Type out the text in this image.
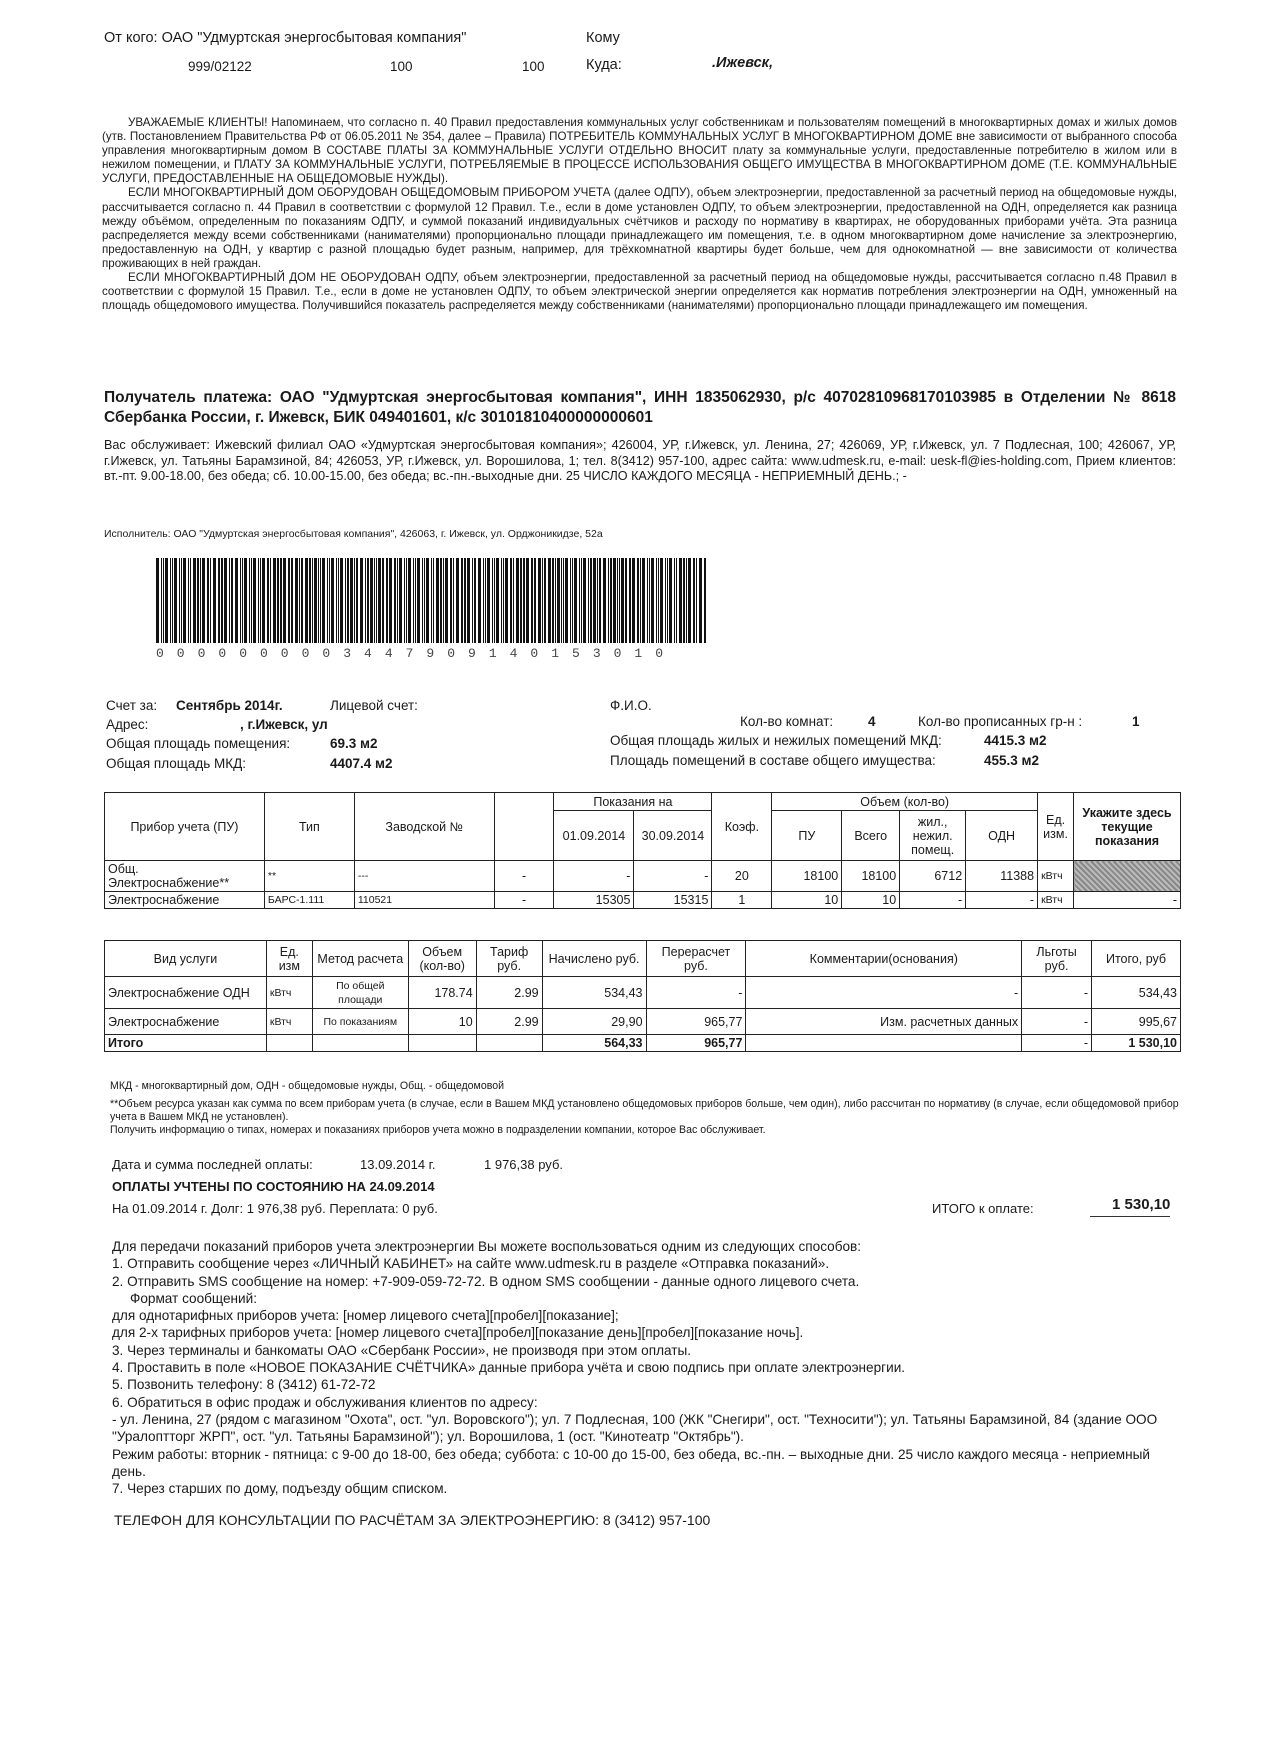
От кого: ОАО "Удмуртская энергосбытовая компания"
999/02122	100	100
Кому
Куда:	.Ижевск,

УВАЖАЕМЫЕ КЛИЕНТЫ! Напоминаем, что согласно п. 40 Правил предоставления коммунальных услуг собственникам и пользователям помещений в многоквартирных домах и жилых домов (утв. Постановлением Правительства РФ от 06.05.2011 № 354, далее – Правила) ПОТРЕБИТЕЛЬ КОММУНАЛЬНЫХ УСЛУГ В МНОГОКВАРТИРНОМ ДОМЕ вне зависимости от выбранного способа управления многоквартирным домом В СОСТАВЕ ПЛАТЫ ЗА КОММУНАЛЬНЫЕ УСЛУГИ ОТДЕЛЬНО ВНОСИТ плату за коммунальные услуги, предоставленные потребителю в жилом или в нежилом помещении, и ПЛАТУ ЗА КОММУНАЛЬНЫЕ УСЛУГИ, ПОТРЕБЛЯЕМЫЕ В ПРОЦЕССЕ ИСПОЛЬЗОВАНИЯ ОБЩЕГО ИМУЩЕСТВА В МНОГОКВАРТИРНОМ ДОМЕ (Т.Е. КОММУНАЛЬНЫЕ УСЛУГИ, ПРЕДОСТАВЛЕННЫЕ НА ОБЩЕДОМОВЫЕ НУЖДЫ).

ЕСЛИ МНОГОКВАРТИРНЫЙ ДОМ ОБОРУДОВАН ОБЩЕДОМОВЫМ ПРИБОРОМ УЧЕТА (далее ОДПУ), объем электроэнергии, предоставленной за расчетный период на общедомовые нужды, рассчитывается согласно п. 44 Правил в соответствии с формулой 12 Правил. Т.е., если в доме установлен ОДПУ, то объем электроэнергии, предоставленной на ОДН, определяется как разница между объёмом, определенным по показаниям ОДПУ, и суммой показаний индивидуальных счётчиков и расходу по нормативу в квартирах, не оборудованных приборами учёта. Эта разница распределяется между всеми собственниками (нанимателями) пропорционально площади принадлежащего им помещения, т.е. в одном многоквартирном доме начисление за электроэнергию, предоставленную на ОДН, у квартир с разной площадью будет разным, например, для трёхкомнатной квартиры будет больше, чем для однокомнатной — вне зависимости от количества проживающих в ней граждан.

ЕСЛИ МНОГОКВАРТИРНЫЙ ДОМ НЕ ОБОРУДОВАН ОДПУ, объем электроэнергии, предоставленной за расчетный период на общедомовые нужды, рассчитывается согласно п.48 Правил в соответствии с формулой 15 Правил. Т.е., если в доме не установлен ОДПУ, то объем электрической энергии определяется как норматив потребления электроэнергии на ОДН, умноженный на площадь общедомового имущества. Получившийся показатель распределяется между собственниками (нанимателями) пропорционально площади принадлежащего им помещения.

Получатель платежа: ОАО "Удмуртская энергосбытовая компания", ИНН 1835062930, р/с 40702810968170103985 в Отделении № 8618 Сбербанка России, г. Ижевск, БИК 049401601, к/с 30101810400000000601
Вас обслуживает: Ижевский филиал ОАО «Удмуртская энергосбытовая компания»; 426004, УР, г.Ижевск, ул. Ленина, 27; 426069, УР, г.Ижевск, ул. 7 Подлесная, 100; 426067, УР, г.Ижевск, ул. Татьяны Барамзиной, 84; 426053, УР, г.Ижевск, ул. Ворошилова, 1; тел. 8(3412) 957-100, адрес сайта: www.udmesk.ru, e-mail: uesk-fl@ies-holding.com, Прием клиентов: вт.-пт. 9.00-18.00, без обеда; сб. 10.00-15.00, без обеда; вс.-пн.-выходные дни. 25 ЧИСЛО КАЖДОГО МЕСЯЦА - НЕПРИЕМНЫЙ ДЕНЬ.; -
Исполнитель: ОАО "Удмуртская энергосбытовая компания", 426063, г. Ижевск, ул. Орджоникидзе, 52а
0000000003447909140153010
Счет за: Сентябрь 2014г.	Лицевой счет:	Ф.И.О.
Адрес:	, г.Ижевск, ул	Кол-во комнат:	4	Кол-во прописанных гр-н :	1
Общая площадь помещения:	69.3 м2	Общая площадь жилых и нежилых помещений МКД:	4415.3 м2
Общая площадь МКД:	4407.4 м2	Площадь помещений в составе общего имущества:	455.3 м2
Прибор учета (ПУ)	Тип	Заводской №		Показания на		Коэф.	Объем (кол-во)				Ед. изм.	Укажите здесь текущие показания
				01.09.2014	30.09.2014		ПУ	Всего	жил., нежил. помещ.	ОДН		
Общ. Электроснабжение**	**	---	-	-	-	20	18100	18100	6712	11388	кВтч	
Электроснабжение	БАРС-1.111	110521	-	15305	15315	1	10	10	-	-	кВтч	-
Вид услуги	Ед. изм	Метод расчета	Объем (кол-во)	Тариф руб.	Начислено руб.	Перерасчет руб.	Комментарии(основания)	Льготы руб.	Итого, руб
Электроснабжение ОДН	кВтч	По общей площади	178.74	2.99	534,43	-	-	-	534,43
Электроснабжение	кВтч	По показаниям	10	2.99	29,90	965,77	Изм. расчетных данных	-	995,67
Итого					564,33	965,77		-	1 530,10
МКД - многоквартирный дом, ОДН - общедомовые нужды, Общ. - общедомовой
**Объем ресурса указан как сумма по всем приборам учета (в случае, если в Вашем МКД установлено общедомовых приборов больше, чем один), либо рассчитан по нормативу (в случае, если общедомовой прибор учета в Вашем МКД не установлен).
Получить информацию о типах, номерах и показаниях приборов учета можно в подразделении компании, которое Вас обслуживает.
Дата и сумма последней оплаты:	13.09.2014 г.	1 976,38 руб.
ОПЛАТЫ УЧТЕНЫ ПО СОСТОЯНИЮ НА 24.09.2014
На 01.09.2014 г. Долг: 1 976,38 руб. Переплата: 0 руб.	ИТОГО к оплате:	1 530,10
Для передачи показаний приборов учета электроэнергии Вы можете воспользоваться одним из следующих способов:
1. Отправить сообщение через «ЛИЧНЫЙ КАБИНЕТ» на сайте www.udmesk.ru в разделе «Отправка показаний».
2. Отправить SMS сообщение на номер: +7-909-059-72-72. В одном SMS сообщении - данные одного лицевого счета.
Формат сообщений:
для однотарифных приборов учета: [номер лицевого счета][пробел][показание];
для 2-х тарифных приборов учета: [номер лицевого счета][пробел][показание день][пробел][показание ночь].
3. Через терминалы и банкоматы ОАО «Сбербанк России», не производя при этом оплаты.
4. Проставить в поле «НОВОЕ ПОКАЗАНИЕ СЧЁТЧИКА» данные прибора учёта и свою подпись при оплате электроэнергии.
5. Позвонить телефону: 8 (3412) 61-72-72
6. Обратиться в офис продаж и обслуживания клиентов по адресу:
- ул. Ленина, 27 (рядом с магазином "Охота", ост. "ул. Воровского"); ул. 7 Подлесная, 100 (ЖК "Снегири", ост. "Техносити"); ул. Татьяны Барамзиной, 84 (здание ООО "Уралоптторг ЖРП", ост. "ул. Татьяны Барамзиной"); ул. Ворошилова, 1 (ост. "Кинотеатр "Октябрь").
Режим работы: вторник - пятница: с 9-00 до 18-00, без обеда; суббота: с 10-00 до 15-00, без обеда, вс.-пн. – выходные дни. 25 число каждого месяца - неприемный день.
7. Через старших по дому, подъезду общим списком.
ТЕЛЕФОН ДЛЯ КОНСУЛЬТАЦИИ ПО РАСЧЁТАМ ЗА ЭЛЕКТРОЭНЕРГИЮ: 8 (3412) 957-100
